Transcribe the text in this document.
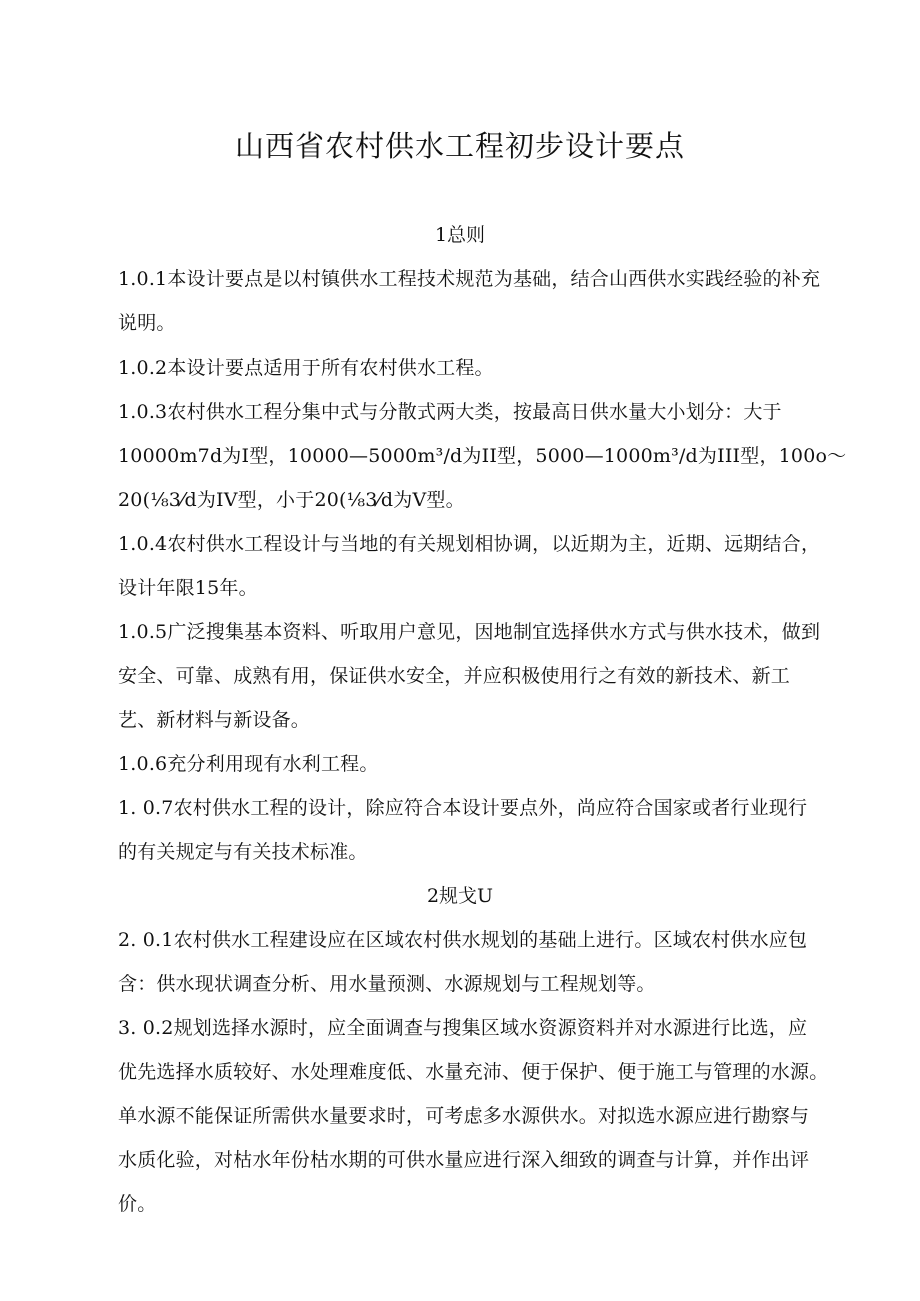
山西省农村供水工程初步设计要点
1总则
1.0.1本设计要点是以村镇供水工程技术规范为基础，结合山西供水实践经验的补充
说明。
1.0.2本设计要点适用于所有农村供水工程。
1.0.3农村供水工程分集中式与分散式两大类，按最高日供水量大小划分：大于
10000m7d为I型，10000—5000m³/d为II型，5000—1000m³/d为III型，100o～
20(⅛3⁄d为IV型，小于20(⅛3⁄d为V型。
1.0.4农村供水工程设计与当地的有关规划相协调，以近期为主，近期、远期结合，
设计年限15年。
1.0.5广泛搜集基本资料、听取用户意见，因地制宜选择供水方式与供水技术，做到
安全、可靠、成熟有用，保证供水安全，并应积极使用行之有效的新技术、新工
艺、新材料与新设备。
1.0.6充分利用现有水利工程。
1. 0.7农村供水工程的设计，除应符合本设计要点外，尚应符合国家或者行业现行
的有关规定与有关技术标准。
2规戈U
2. 0.1农村供水工程建设应在区域农村供水规划的基础上进行。区域农村供水应包
含：供水现状调查分析、用水量预测、水源规划与工程规划等。
3. 0.2规划选择水源时，应全面调查与搜集区域水资源资料并对水源进行比选，应
优先选择水质较好、水处理难度低、水量充沛、便于保护、便于施工与管理的水源。
单水源不能保证所需供水量要求时，可考虑多水源供水。对拟选水源应进行勘察与
水质化验，对枯水年份枯水期的可供水量应进行深入细致的调查与计算，并作出评
价。
